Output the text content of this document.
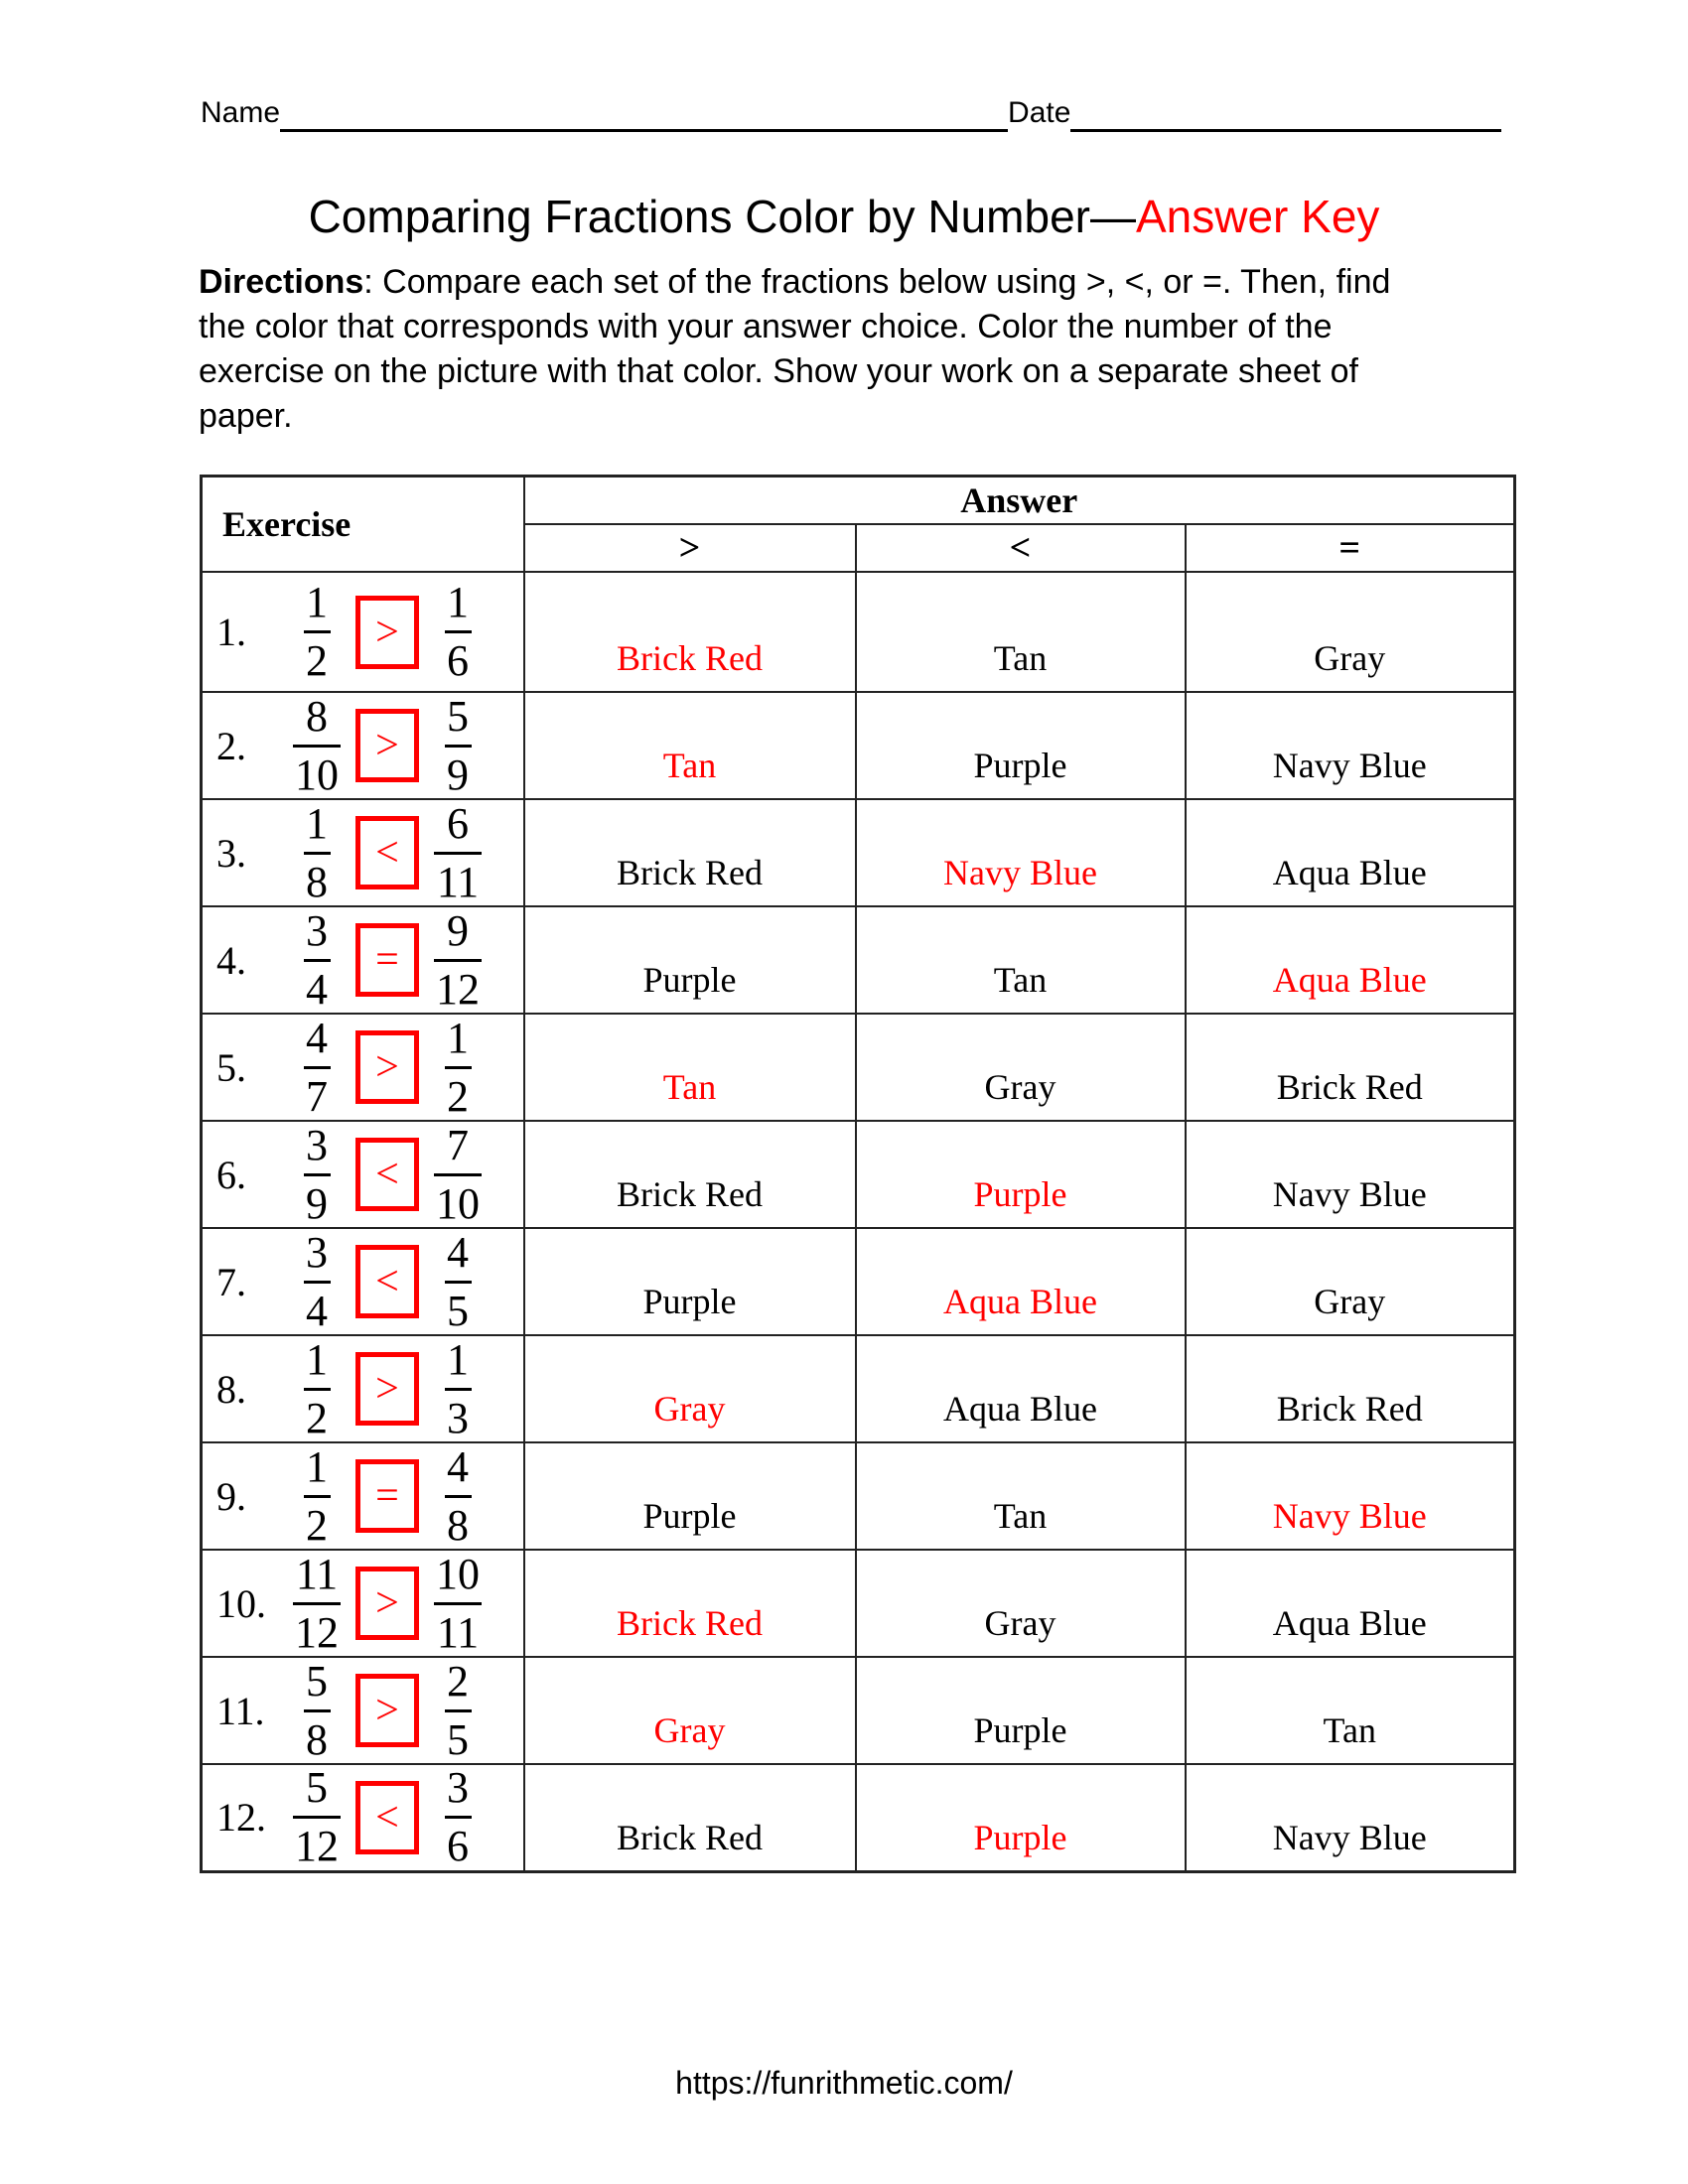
Name	Date
Comparing Fractions Color by Number—Answer Key
Directions: Compare each set of the fractions below using >, <, or =. Then, find
the color that corresponds with your answer choice. Color the number of the
exercise on the picture with that color. Show your work on a separate sheet of
paper.
Exercise	Answer		
	>	<	=

1.	$\frac{1}{2} > \frac{1}{6}$	Brick Red	Tan	Gray

2.	$\frac{8}{10} > \frac{5}{9}$	Tan	Purple	Navy Blue

3.	$\frac{1}{8} < \frac{6}{11}$	Brick Red	Navy Blue	Aqua Blue

4.	$\frac{3}{4} = \frac{9}{12}$	Purple	Tan	Aqua Blue

5.	$\frac{4}{7} > \frac{1}{2}$	Tan	Gray	Brick Red

6.	$\frac{3}{9} < \frac{7}{10}$	Brick Red	Purple	Navy Blue

7.	$\frac{3}{4} < \frac{4}{5}$	Purple	Aqua Blue	Gray

8.	$\frac{1}{2} > \frac{1}{3}$	Gray	Aqua Blue	Brick Red

9.	$\frac{1}{2} = \frac{4}{8}$	Purple	Tan	Navy Blue

10. $\frac{11}{12} > \frac{10}{11}$	Brick Red	Gray	Aqua Blue

11. $\frac{5}{8} > \frac{2}{5}$	Gray	Purple	Tan

12. $\frac{5}{12} < \frac{3}{6}$	Brick Red	Purple	Navy Blue
https://funrithmetic.com/
